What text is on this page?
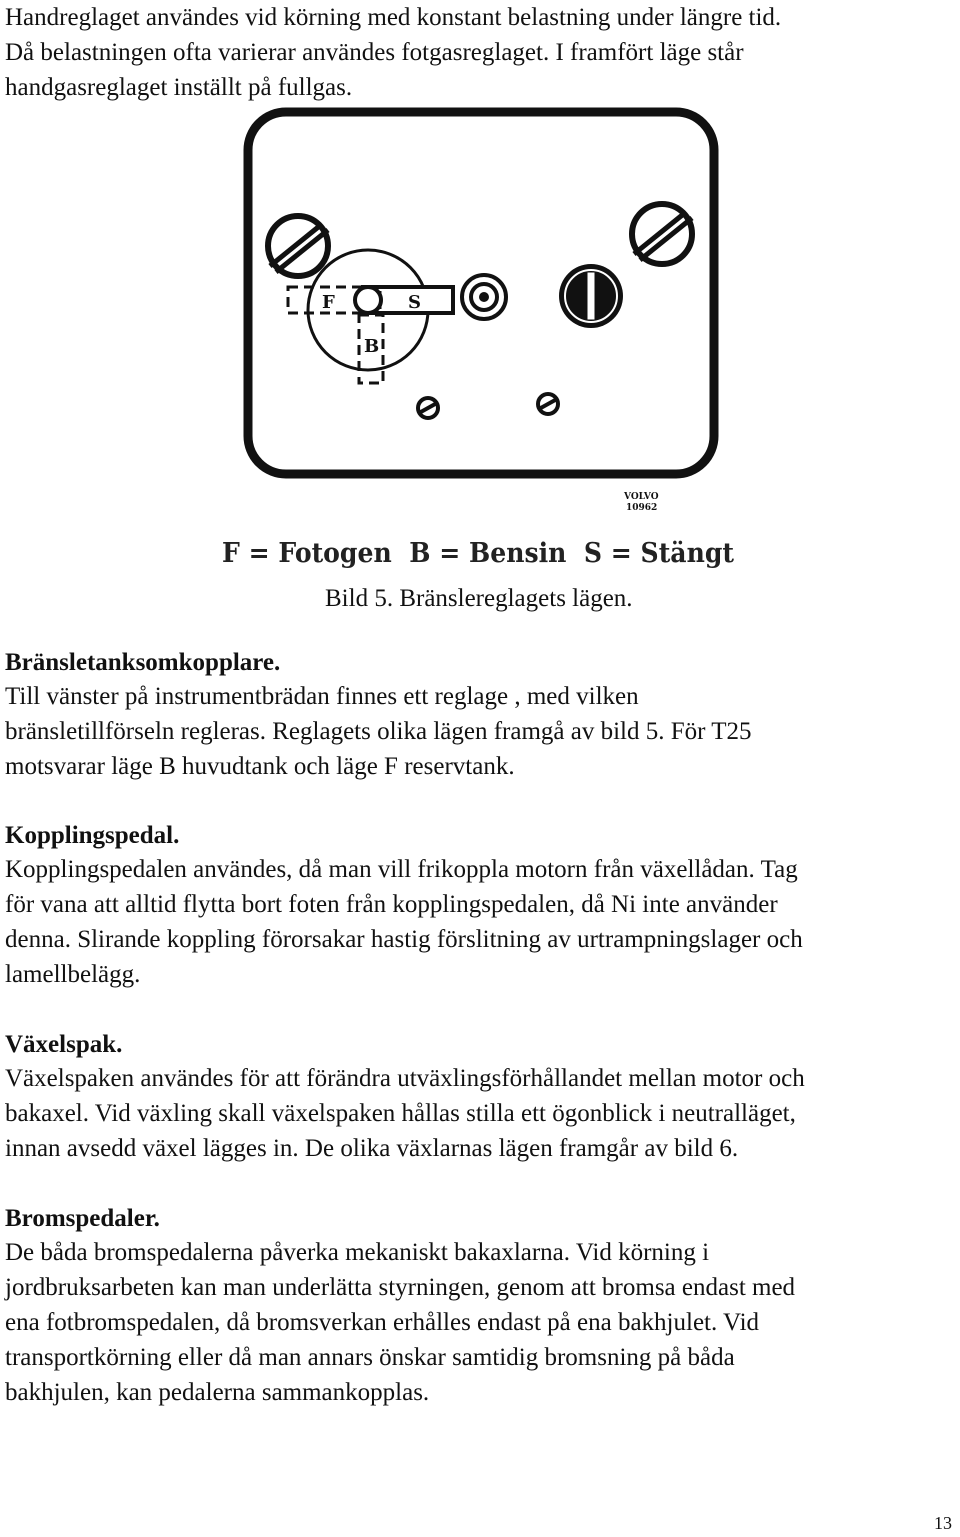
Handreglaget användes vid körning med konstant belastning under längre tid.
Då belastningen ofta varierar användes fotgasreglaget. I framfört läge står
handgasreglaget inställt på fullgas.
F	S
B
VOLVO
10962
F = Fotogen  B = Bensin  S = Stängt

Bild 5. Bränslereglagets lägen.

Bränsletanksomkopplare.
Till vänster på instrumentbrädan finnes ett reglage , med vilken
bränsletillförseln regleras. Reglagets olika lägen framgå av bild 5. För T25
motsvarar läge B huvudtank och läge F reservtank.
Kopplingspedal.
Kopplingspedalen användes, då man vill frikoppla motorn från växellådan. Tag
för vana att alltid flytta bort foten från kopplingspedalen, då Ni inte använder
denna. Slirande koppling förorsakar hastig förslitning av urtrampningslager och
lamellbelägg.
Växelspak.
Växelspaken användes för att förändra utväxlingsförhållandet mellan motor och
bakaxel. Vid växling skall växelspaken hållas stilla ett ögonblick i neutralläget,
innan avsedd växel lägges in. De olika växlarnas lägen framgår av bild 6.
Bromspedaler.
De båda bromspedalerna påverka mekaniskt bakaxlarna. Vid körning i
jordbruksarbeten kan man underlätta styrningen, genom att bromsa endast med
ena fotbromspedalen, då bromsverkan erhålles endast på ena bakhjulet. Vid
transportkörning eller då man annars önskar samtidig bromsning på båda
bakhjulen, kan pedalerna sammankopplas.

13
